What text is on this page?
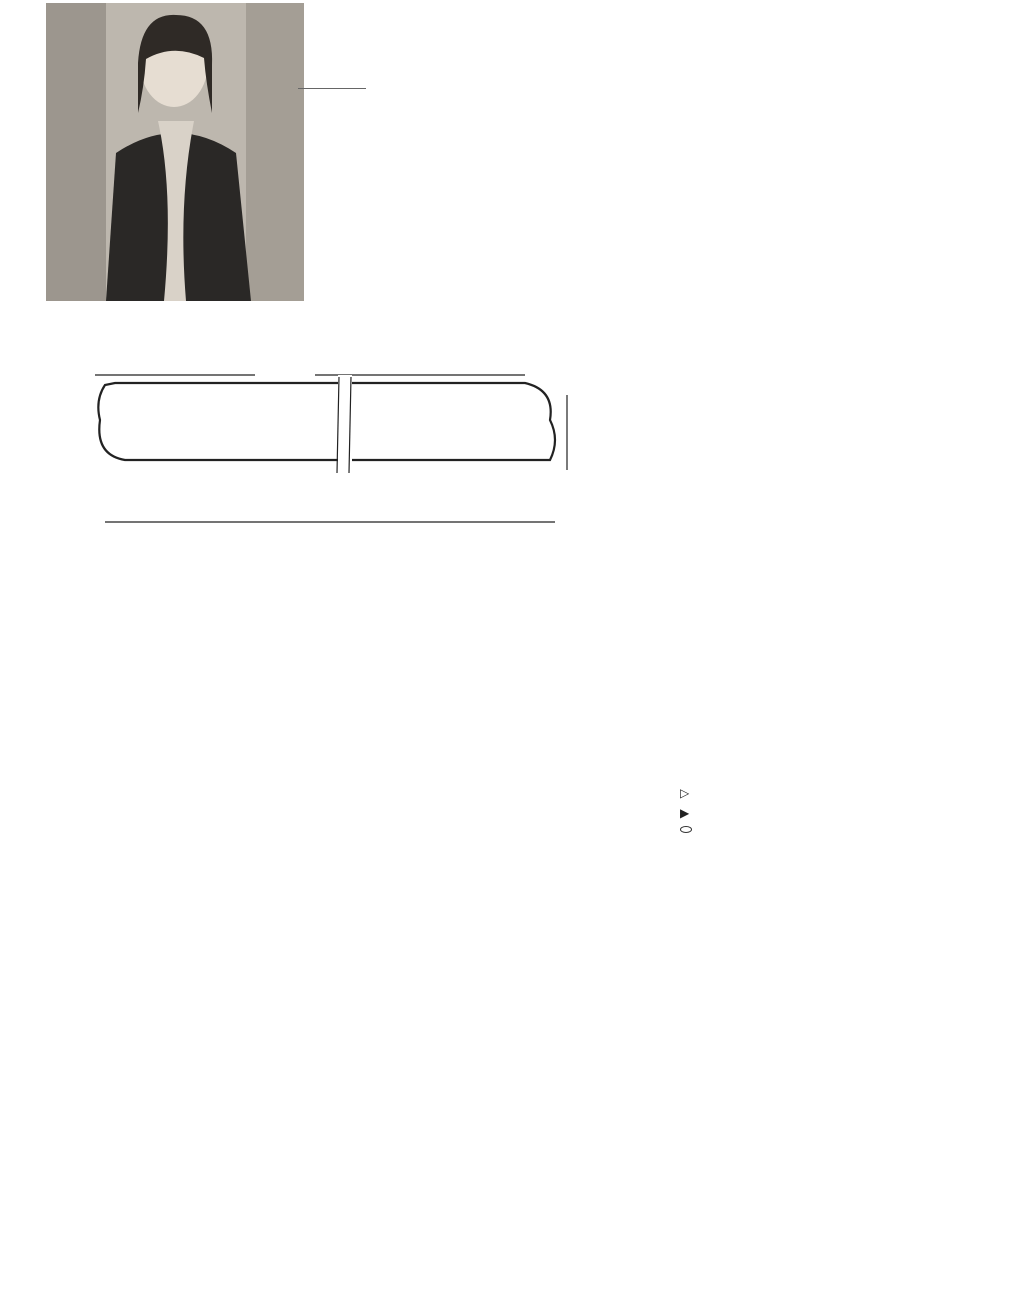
▷
▶
